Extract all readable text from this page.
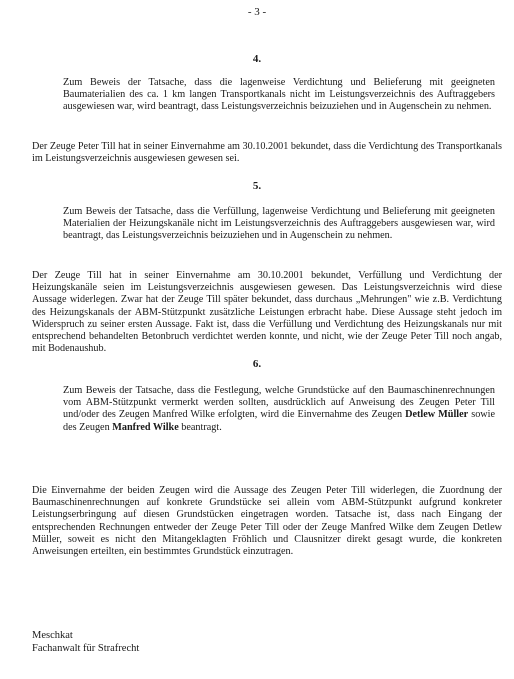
- 3 -
4.

Zum Beweis der Tatsache, dass die lagenweise Verdichtung und Belieferung mit geeigneten Baumaterialien des ca. 1 km langen Transportkanals nicht im Leistungsverzeichnis des Auftraggebers ausgewiesen war, wird beantragt, dass Leistungsverzeichnis beizuziehen und in Augenschein zu nehmen.

Der Zeuge Peter Till hat in seiner Einvernahme am 30.10.2001 bekundet, dass die Verdichtung des Transportkanals im Leistungsverzeichnis ausgewiesen gewesen sei.

5.

Zum Beweis der Tatsache, dass die Verfüllung, lagenweise Verdichtung und Belieferung mit geeigneten Materialien der Heizungskanäle nicht im Leistungsverzeichnis des Auftraggebers ausgewiesen war, wird beantragt, das Leistungsverzeichnis beizuziehen und in Augenschein zu nehmen.

Der Zeuge Till hat in seiner Einvernahme am 30.10.2001 bekundet, Verfüllung und Verdichtung der Heizungskanäle seien im Leistungsverzeichnis ausgewiesen gewesen. Das Leistungsverzeichnis wird diese Aussage widerlegen. Zwar hat der Zeuge Till später bekundet, dass durchaus „Mehrungen" wie z.B. Verdichtung des Heizungskanals der ABM-Stützpunkt zusätzliche Leistungen erbracht habe. Diese Aussage steht jedoch im Widerspruch zu seiner ersten Aussage. Fakt ist, dass die Verfüllung und Verdichtung des Heizungskanals nur mit entsprechend behandelten Betonbruch verdichtet werden konnte, und nicht, wie der Zeuge Peter Till noch angab, mit Bodenaushub.

6.

Zum Beweis der Tatsache, dass die Festlegung, welche Grundstücke auf den Baumaschinenrechnungen vom ABM-Stützpunkt vermerkt werden sollten, ausdrücklich auf Anweisung des Zeugen Peter Till und/oder des Zeugen Manfred Wilke erfolgten, wird die Einvernahme des Zeugen Detlew Müller sowie des Zeugen Manfred Wilke beantragt.

Die Einvernahme der beiden Zeugen wird die Aussage des Zeugen Peter Till widerlegen, die Zuordnung der Baumaschinenrechnungen auf konkrete Grundstücke sei allein vom ABM-Stützpunkt aufgrund konkreter Leistungserbringung auf diesen Grundstücken eingetragen worden. Tatsache ist, dass nach Eingang der entsprechenden Rechnungen entweder der Zeuge Peter Till oder der Zeuge Manfred Wilke dem Zeugen Detlew Müller, soweit es nicht den Mitangeklagten Fröhlich und Clausnitzer direkt gesagt wurde, die konkreten Anweisungen erteilten, ein bestimmtes Grundstück einzutragen.

Meschkat
Fachanwalt für Strafrecht
